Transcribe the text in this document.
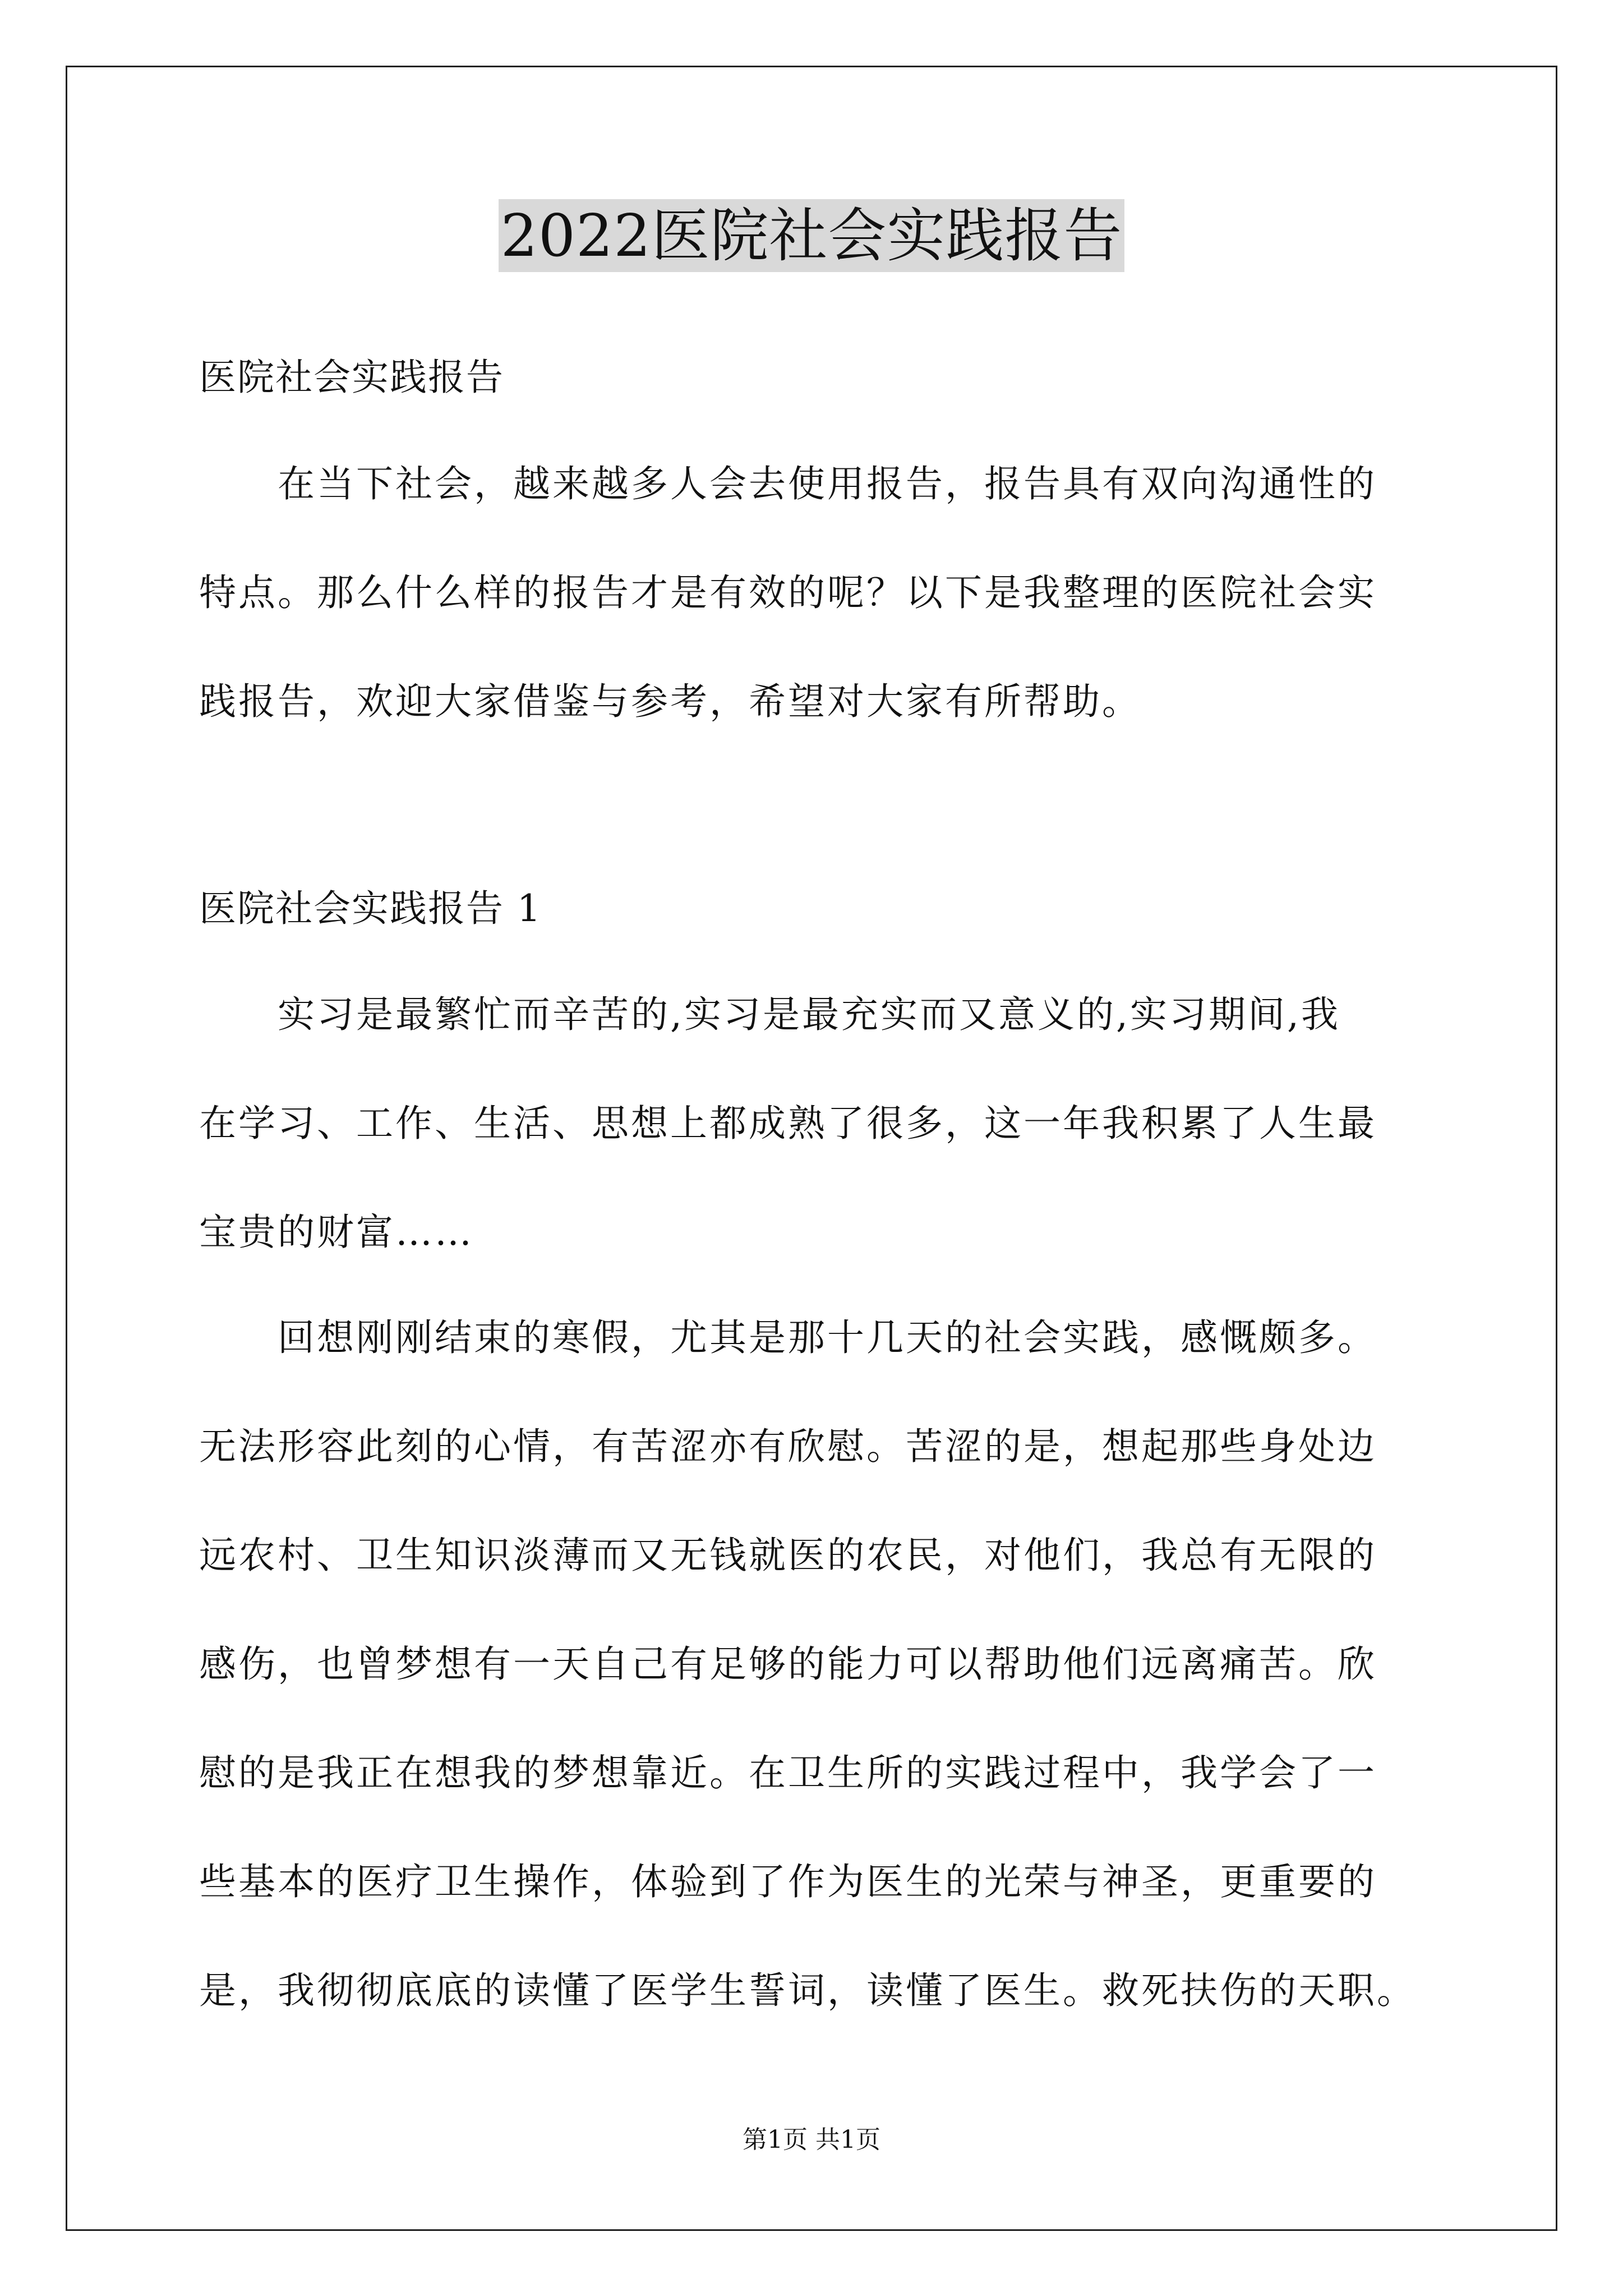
2022医院社会实践报告
医院社会实践报告
在当下社会，越来越多人会去使用报告，报告具有双向沟通性的
特点。那么什么样的报告才是有效的呢？以下是我整理的医院社会实
践报告，欢迎大家借鉴与参考，希望对大家有所帮助。
医院社会实践报告 1
实习是最繁忙而辛苦的,实习是最充实而又意义的,实习期间,我
在学习、工作、生活、思想上都成熟了很多，这一年我积累了人生最
宝贵的财富……
回想刚刚结束的寒假，尤其是那十几天的社会实践，感慨颇多。
无法形容此刻的心情，有苦涩亦有欣慰。苦涩的是，想起那些身处边
远农村、卫生知识淡薄而又无钱就医的农民，对他们，我总有无限的
感伤，也曾梦想有一天自己有足够的能力可以帮助他们远离痛苦。欣
慰的是我正在想我的梦想靠近。在卫生所的实践过程中，我学会了一
些基本的医疗卫生操作，体验到了作为医生的光荣与神圣，更重要的
是，我彻彻底底的读懂了医学生誓词，读懂了医生。救死扶伤的天职。
第1页 共1页
